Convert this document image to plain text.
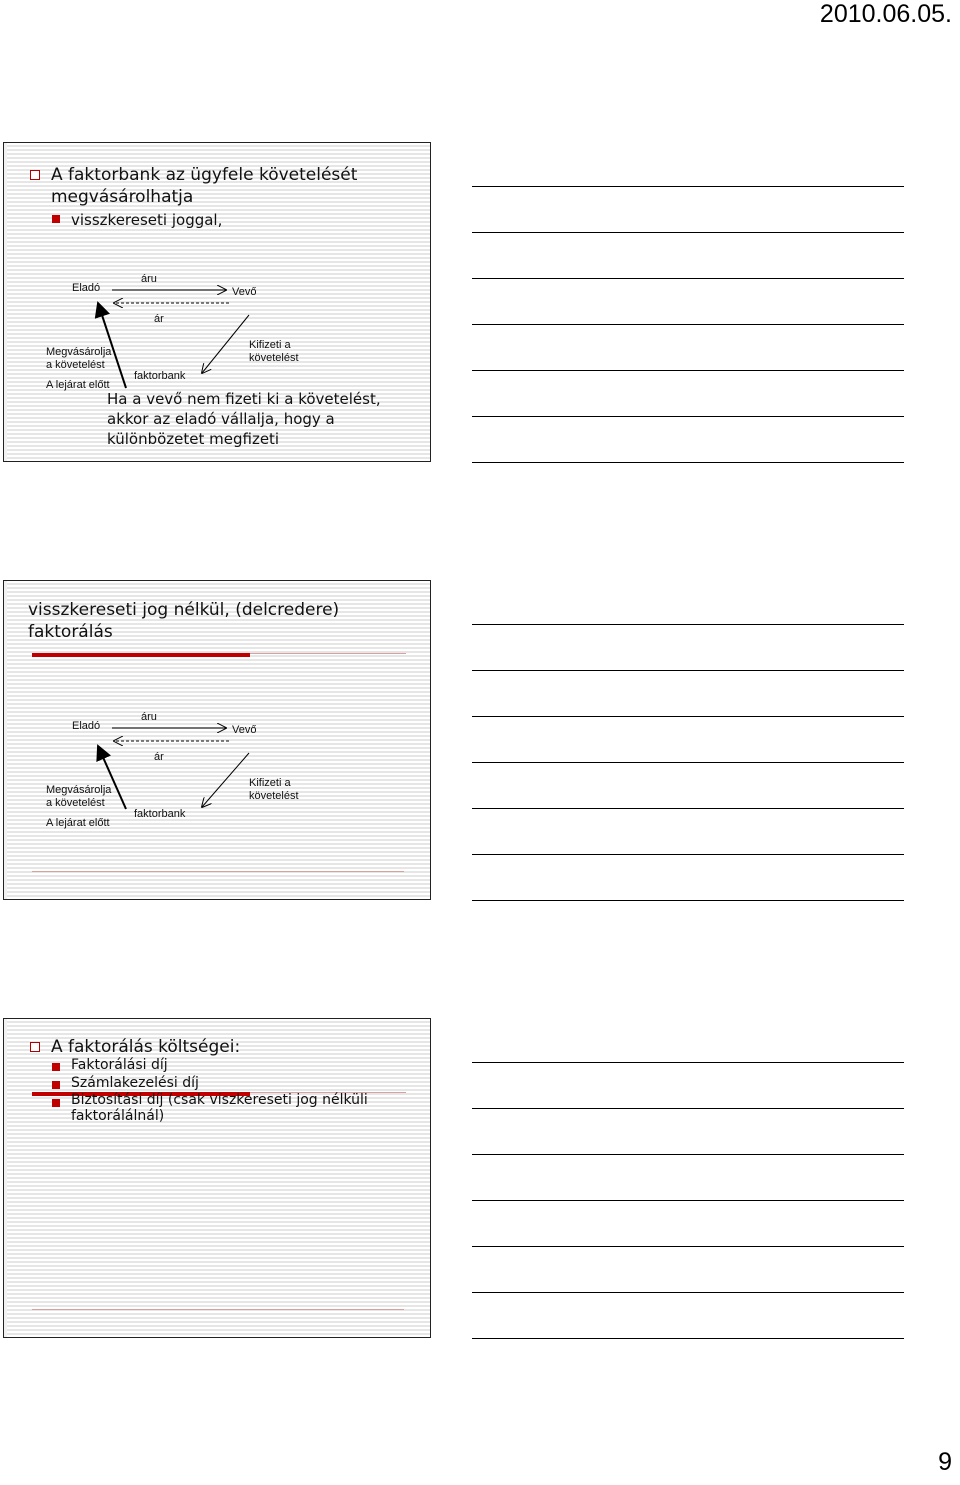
2010.06.05.
A faktorbank az ügyfele követelését megvásárolhatja
visszkereseti joggal,
Eladó
áru
Vevő
ár
Megvásárolja a követelést
Kifizeti a követelést
faktorbank
A lejárat előtt
Ha a vevő nem fizeti ki a követelést, akkor az eladó vállalja, hogy a különbözetet megfizeti
visszkereseti jog nélkül, (delcredere) faktorálás
Eladó
áru
Vevő
ár
Megvásárolja a követelést
Kifizeti a követelést
faktorbank
A lejárat előtt
A faktorálás költségei:
Faktorálási díj
Számlakezelési díj
Biztosítási díj (csak viszkereseti jog nélküli faktorálálnál)
9
